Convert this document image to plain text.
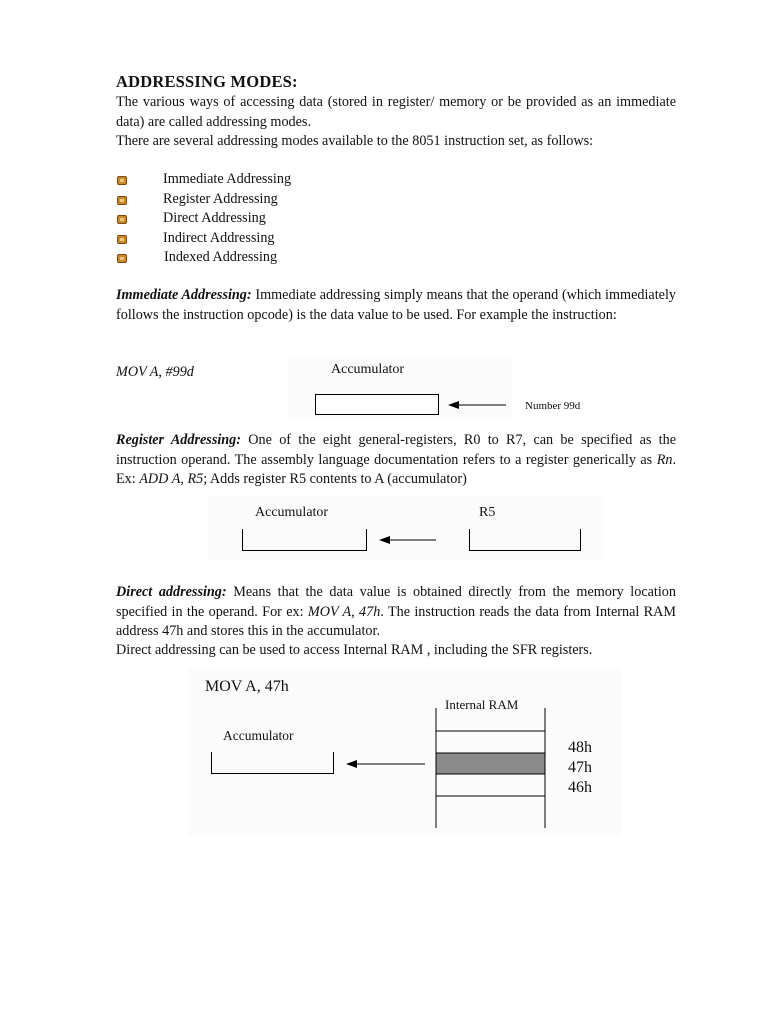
ADDRESSING MODES:
The various ways of accessing data (stored in register/ memory or be provided as an immediate data) are called addressing modes.
There are several addressing modes available to the 8051 instruction set, as follows:
Immediate Addressing
Register Addressing
Direct Addressing
Indirect Addressing
Indexed Addressing
Immediate Addressing: Immediate addressing simply means that the operand (which immediately follows the instruction opcode) is the data value to be used. For example the instruction:
MOV A, #99d	Accumulator
Number 99d
Register Addressing: One of the eight general-registers, R0 to R7, can be specified as the instruction operand. The assembly language documentation refers to a register generically as Rn. Ex: ADD A, R5; Adds register R5 contents to A (accumulator)
Accumulator	R5
Direct addressing: Means that the data value is obtained directly from the memory location specified in the operand. For ex: MOV A, 47h. The instruction reads the data from Internal RAM address 47h and stores this in the accumulator.
Direct addressing can be used to access Internal RAM , including the SFR registers.
MOV A, 47h
Internal RAM
Accumulator
48h
47h
46h
